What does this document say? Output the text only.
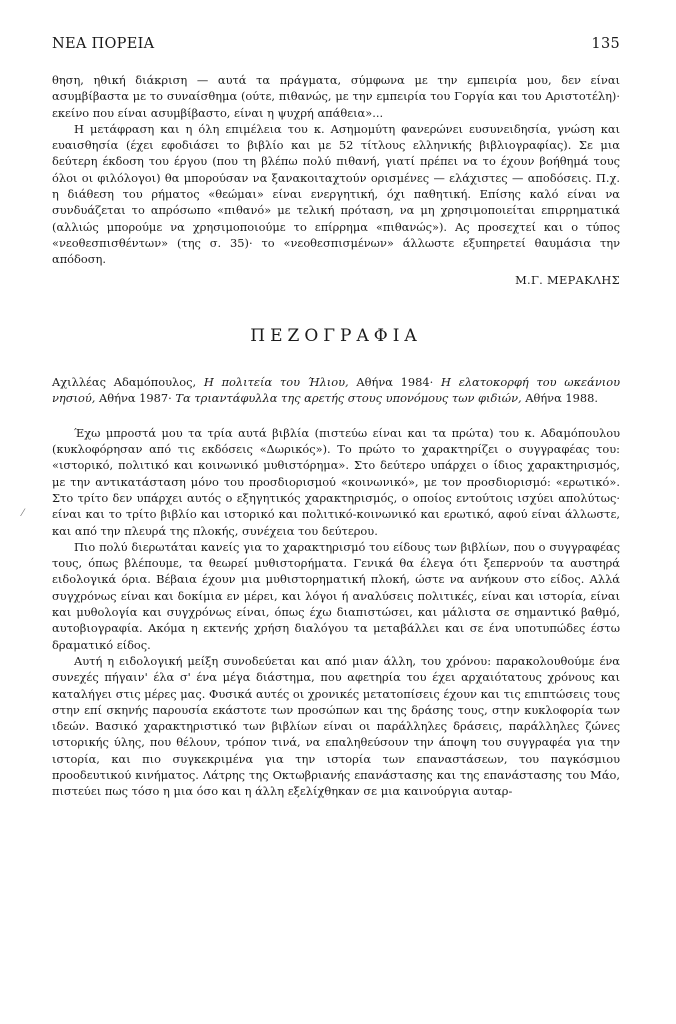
ΝΕΑ ΠΟΡΕΙΑ	135
⁄

θηση, ηθική διάκριση — αυτά τα πράγματα, σύμφωνα με την εμπειρία μου, δεν είναι ασυμβίβαστα με το συναίσθημα (ούτε, πιθανώς, με την εμπειρία του Γοργία και του Αριστοτέλη)· εκείνο που είναι ασυμβίβαστο, είναι η ψυχρή απάθεια»...

Η μετάφραση και η όλη επιμέλεια του κ. Ασημομύτη φανερώνει ευσυνειδησία, γνώση και ευαισθησία (έχει εφοδιάσει το βιβλίο και με 52 τίτλους ελληνικής βιβλιογραφίας). Σε μια δεύτερη έκδοση του έργου (που τη βλέπω πολύ πιθανή, γιατί πρέπει να το έχουν βοήθημά τους όλοι οι φιλόλογοι) θα μπορούσαν να ξανακοιταχτούν ορισμένες — ελάχιστες — αποδόσεις. Π.χ. η διάθεση του ρήματος «θεώμαι» είναι ενεργητική, όχι παθητική. Επίσης καλό είναι να συνδυάζεται το απρόσωπο «πιθανό» με τελική πρόταση, να μη χρησιμοποιείται επιρρηματικά (αλλιώς μπορούμε να χρησιμοποιούμε το επίρρημα «πιθανώς»). Ας προσεχτεί και ο τύπος «νεοθεσπισθέντων» (της σ. 35)· το «νεοθεσπισμένων» άλλωστε εξυπηρετεί θαυμάσια την απόδοση.

Μ.Γ. ΜΕΡΑΚΛΗΣ

ΠΕΖΟΓΡΑΦΙΑ

Αχιλλέας Αδαμόπουλος, Η πολιτεία του Ήλιου, Αθήνα 1984· Η ελατοκορφή του ωκεάνιου νησιού, Αθήνα 1987· Τα τριαντάφυλλα της αρετής στους υπονόμους των φιδιών, Αθήνα 1988.

Έχω μπροστά μου τα τρία αυτά βιβλία (πιστεύω είναι και τα πρώτα) του κ. Αδαμόπουλου (κυκλοφόρησαν από τις εκδόσεις «Δωρικός»). Το πρώτο το χαρακτηρίζει ο συγγραφέας του: «ιστορικό, πολιτικό και κοινωνικό μυθιστόρημα». Στο δεύτερο υπάρχει ο ίδιος χαρακτηρισμός, με την αντικατάσταση μόνο του προσδιορισμού «κοινωνικό», με τον προσδιορισμό: «ερωτικό». Στο τρίτο δεν υπάρχει αυτός ο εξηγητικός χαρακτηρισμός, ο οποίος εντούτοις ισχύει απολύτως· είναι και το τρίτο βιβλίο και ιστορικό και πολιτικό-κοινωνικό και ερωτικό, αφού είναι άλλωστε, και από την πλευρά της πλοκής, συνέχεια του δεύτερου.

Πιο πολύ διερωτάται κανείς για το χαρακτηρισμό του είδους των βιβλίων, που ο συγγραφέας τους, όπως βλέπουμε, τα θεωρεί μυθιστορήματα. Γενικά θα έλεγα ότι ξεπερνούν τα αυστηρά ειδολογικά όρια. Βέβαια έχουν μια μυθιστορηματική πλοκή, ώστε να ανήκουν στο είδος. Αλλά συγχρόνως είναι και δοκίμια εν μέρει, και λόγοι ή αναλύσεις πολιτικές, είναι και ιστορία, είναι και μυθολογία και συγχρόνως είναι, όπως έχω διαπιστώσει, και μάλιστα σε σημαντικό βαθμό, αυτοβιογραφία. Ακόμα η εκτενής χρήση διαλόγου τα μεταβάλλει και σε ένα υποτυπώδες έστω δραματικό είδος.

Αυτή η ειδολογική μείξη συνοδεύεται και από μιαν άλλη, του χρόνου: παρακολουθούμε ένα συνεχές πήγαιν' έλα σ' ένα μέγα διάστημα, που αφετηρία του έχει αρχαιότατους χρόνους και καταλήγει στις μέρες μας. Φυσικά αυτές οι χρονικές μετατοπίσεις έχουν και τις επιπτώσεις τους στην επί σκηνής παρουσία εκάστοτε των προσώπων και της δράσης τους, στην κυκλοφορία των ιδεών. Βασικό χαρακτηριστικό των βιβλίων είναι οι παράλληλες δράσεις, παράλληλες ζώνες ιστορικής ύλης, που θέλουν, τρόπον τινά, να επαληθεύσουν την άποψη του συγγραφέα για την ιστορία, και πιο συγκεκριμένα για την ιστορία των επαναστάσεων, του παγκόσμιου προοδευτικού κινήματος. Λάτρης της Οκτωβριανής επανάστασης και της επανάστασης του Μάο, πιστεύει πως τόσο η μια όσο και η άλλη εξελίχθηκαν σε μια καινούργια αυταρ-
